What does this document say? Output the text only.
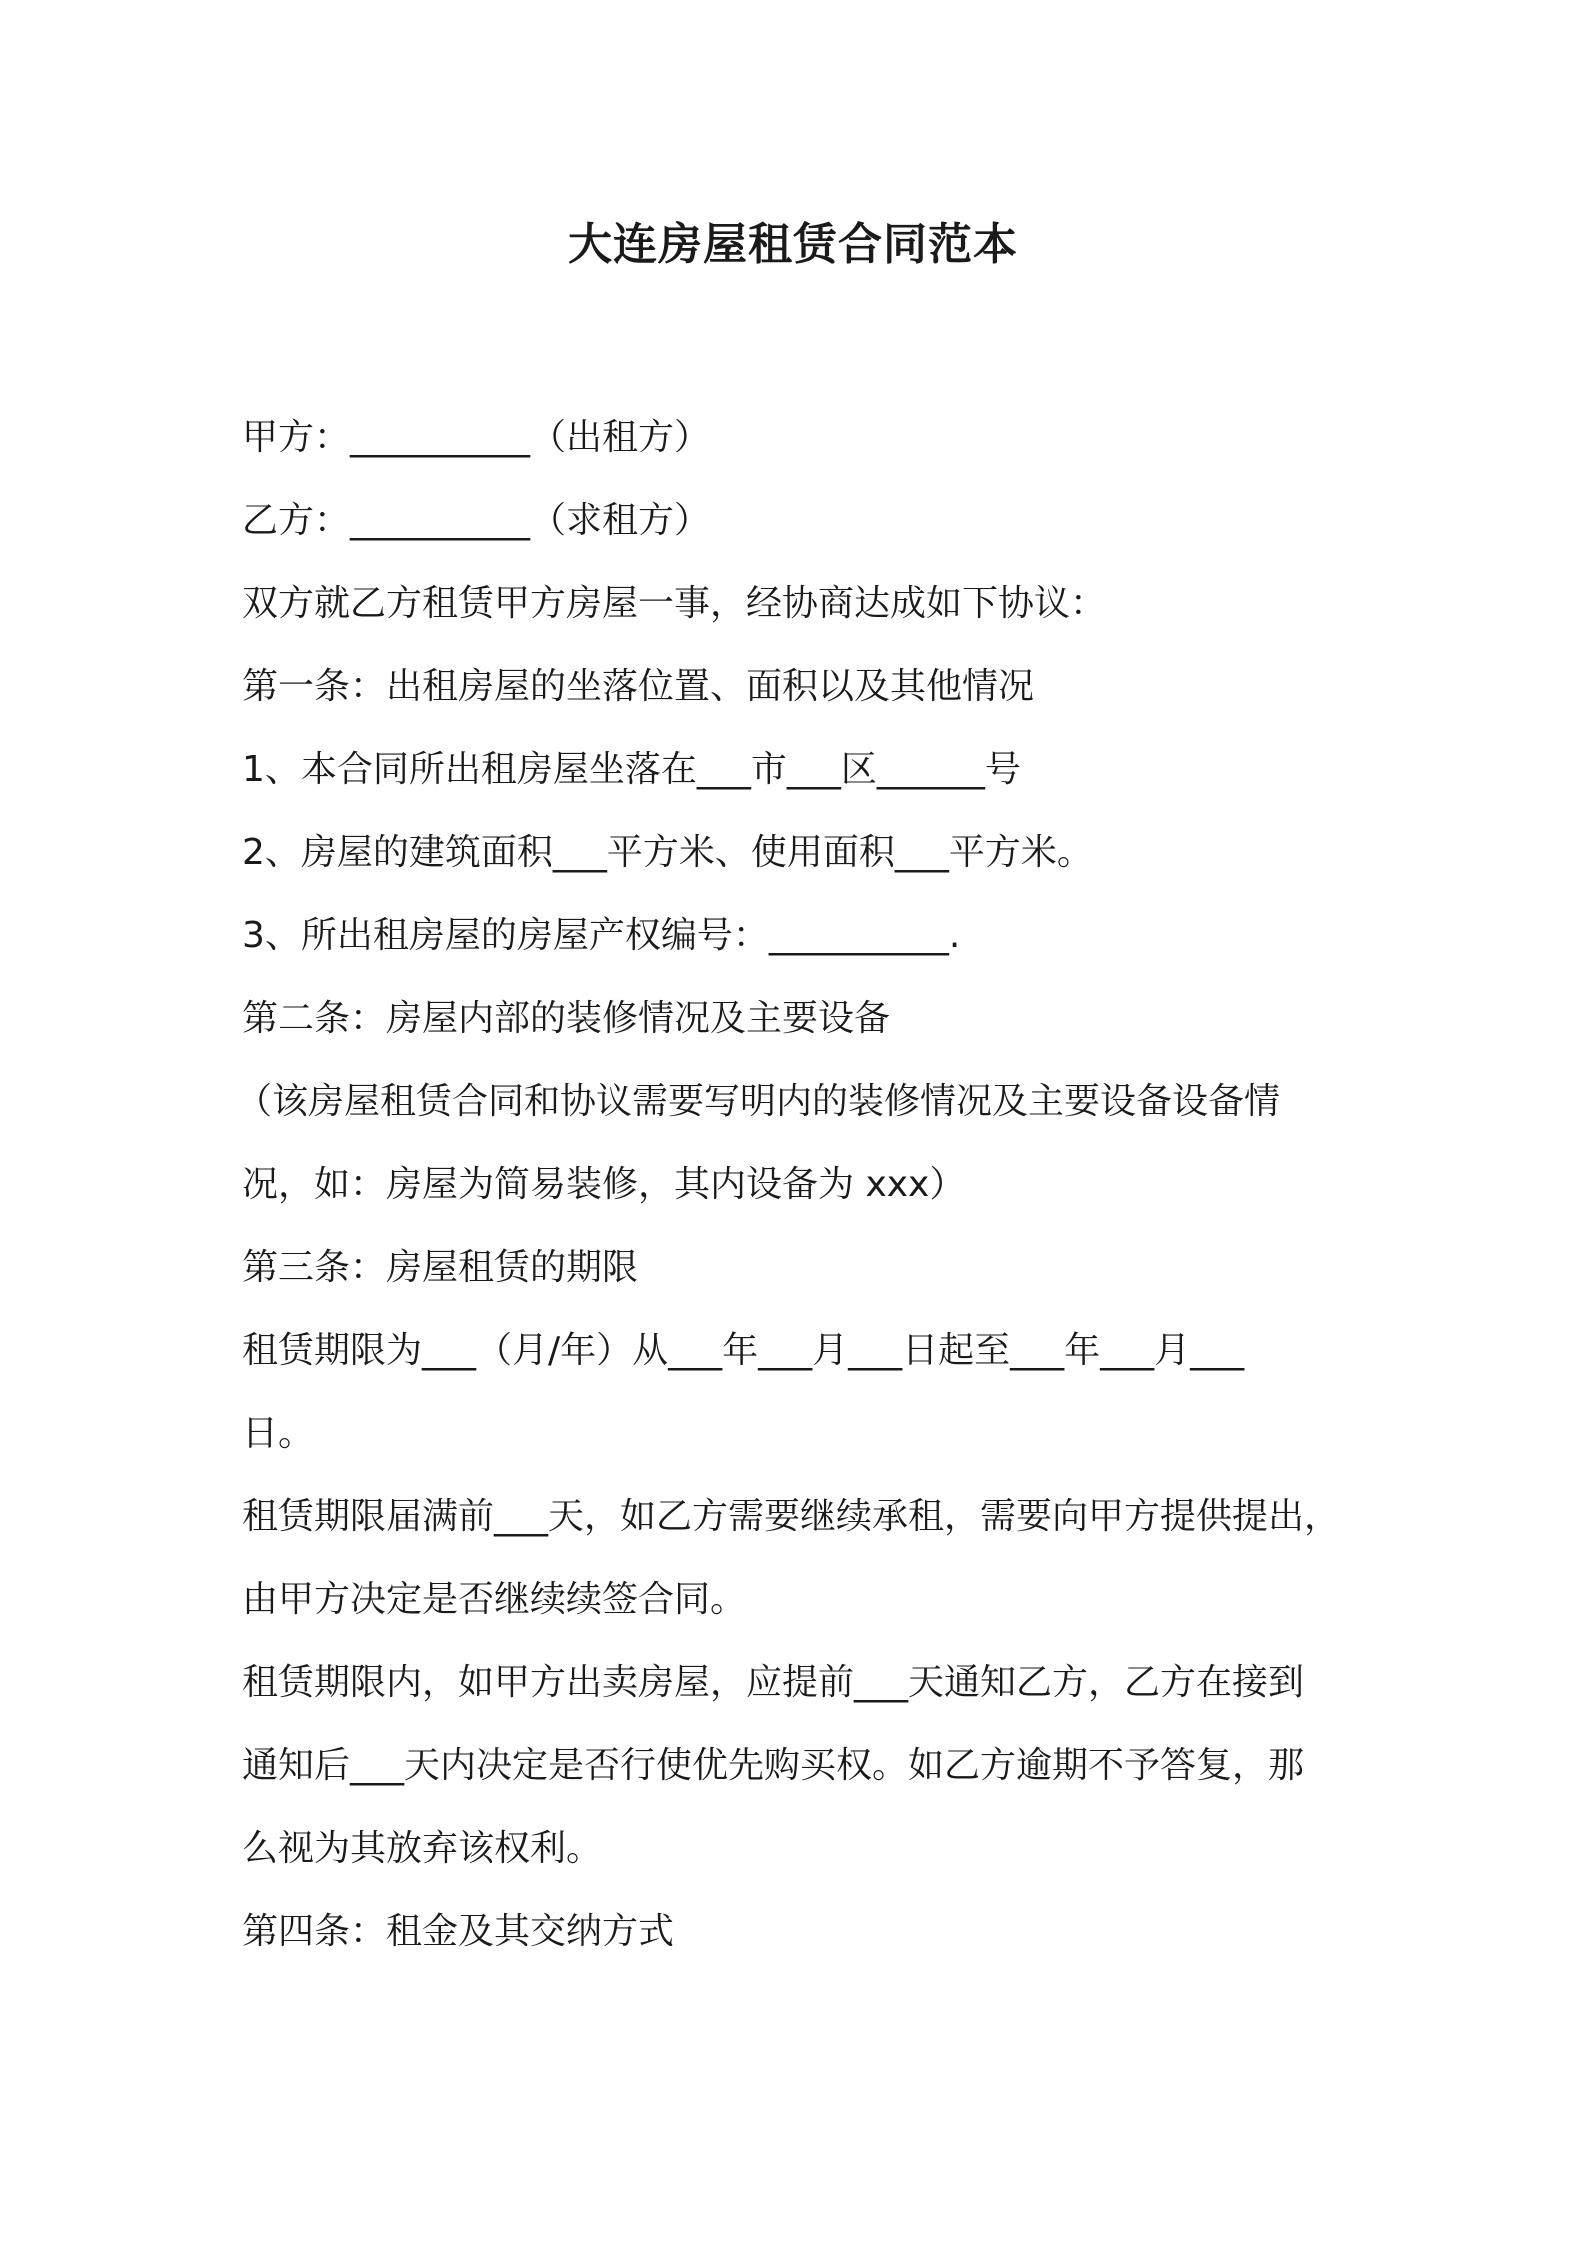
大连房屋租赁合同范本
甲方：__________（出租方）
乙方：__________（求租方）
双方就乙方租赁甲方房屋一事，经协商达成如下协议：
第一条：出租房屋的坐落位置、面积以及其他情况
1、本合同所出租房屋坐落在___市___区______号
2、房屋的建筑面积___平方米、使用面积___平方米。
3、所出租房屋的房屋产权编号：__________.
第二条：房屋内部的装修情况及主要设备
（该房屋租赁合同和协议需要写明内的装修情况及主要设备设备情
况，如：房屋为简易装修，其内设备为 xxx）
第三条：房屋租赁的期限
租赁期限为___（月/年）从___年___月___日起至___年___月___
日。
租赁期限届满前___天，如乙方需要继续承租，需要向甲方提供提出，
由甲方决定是否继续续签合同。
租赁期限内，如甲方出卖房屋，应提前___天通知乙方，乙方在接到
通知后___天内决定是否行使优先购买权。如乙方逾期不予答复，那
么视为其放弃该权利。
第四条：租金及其交纳方式
